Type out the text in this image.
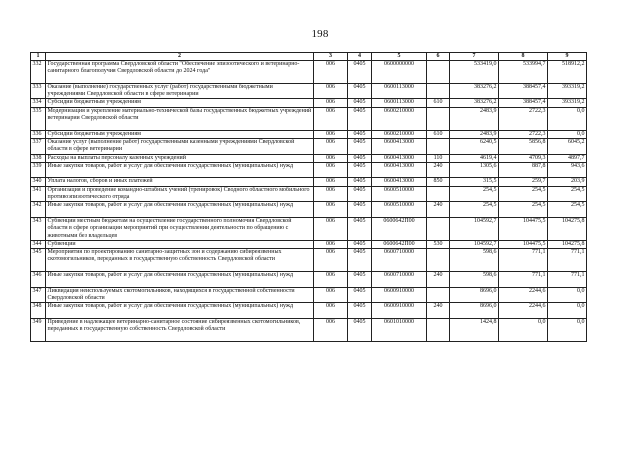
198
1	2	3	4	5	6	7	8	9
332	Государственная программа Свердловской области "Обеспечение эпизоотического и ветеринарно-санитарного благополучия Свердловской области до 2024 года"	006	0405	0600000000		533419,0	533994,7	518912,2
333	Оказание (выполнение) государственных услуг (работ) государственными бюджетными учреждениями Свердловской области в сфере ветеринарии	006	0405	0600113000		383276,2	388457,4	393319,2
334	Субсидии бюджетным учреждениям	006	0405	0600113000	610	383276,2	388457,4	393319,2
335	Модернизация и укрепление материально-технической базы государственных бюджетных учреждений ветеринарии Свердловской области	006	0405	0600210000		2483,9	2722,3	0,0
336	Субсидии бюджетным учреждениям	006	0405	0600210000	610	2483,9	2722,3	0,0
337	Оказание услуг (выполнение работ) государственными казенными учреждениями Свердловской области в сфере ветеринарии	006	0405	0600413000		6240,5	5856,8	6045,2
338	Расходы на выплаты персоналу казенных учреждений	006	0405	0600413000	110	4619,4	4709,3	4897,7
339	Иные закупки товаров, работ и услуг для обеспечения государственных (муниципальных) нужд	006	0405	0600413000	240	1305,6	887,8	943,6
340	Уплата налогов, сборов и иных платежей	006	0405	0600413000	850	315,5	259,7	203,9
341	Организация и проведение командно-штабных учений (тренировок) Сводного областного мобильного противоэпизоотического отряда	006	0405	0600510000		254,5	254,5	254,5
342	Иные закупки товаров, работ и услуг для обеспечения государственных (муниципальных) нужд	006	0405	0600510000	240	254,5	254,5	254,5
343	Субвенции местным бюджетам на осуществление государственного полномочия Свердловской области в сфере организации мероприятий при осуществлении деятельности по обращению с животными без владельцев	006	0405	0600642П00		104592,7	104475,5	104275,8
344	Субвенции	006	0405	0600642П00	530	104592,7	104475,5	104275,8
345	Мероприятия по проектированию санитарно-защитных зон и содержанию сибиреязвенных скотомогильников, переданных в государственную собственность Свердловской области	006	0405	0600710000		598,6	771,1	771,1
346	Иные закупки товаров, работ и услуг для обеспечения государственных (муниципальных) нужд	006	0405	0600710000	240	598,6	771,1	771,1
347	Ликвидация неиспользуемых скотомогильников, находящихся в государственной собственности Свердловской области	006	0405	0600910000		8696,0	2244,6	0,0
348	Иные закупки товаров, работ и услуг для обеспечения государственных (муниципальных) нужд	006	0405	0600910000	240	8696,0	2244,6	0,0
349	Приведение в надлежащее ветеринарно-санитарное состояние сибиреязвенных скотомогильников, переданных в государственную собственность Свердловской области	006	0405	0601010000		1424,8	0,0	0,0
